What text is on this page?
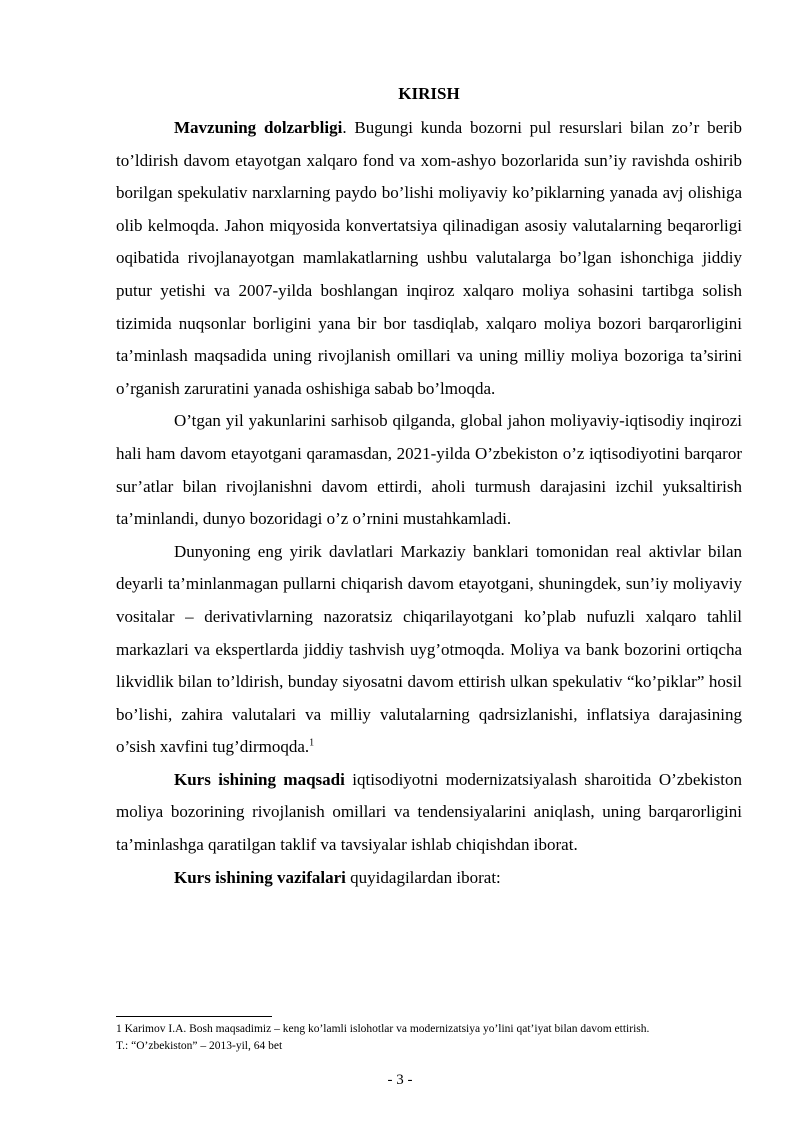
KIRISH

Mavzuning dolzarbligi. Bugungi kunda bozorni pul resurslari bilan zo’r berib to’ldirish davom etayotgan xalqaro fond va xom-ashyo bozorlarida sun’iy ravishda oshirib borilgan spekulativ narxlarning paydo bo’lishi moliyaviy ko’piklarning yanada avj olishiga olib kelmoqda. Jahon miqyosida konvertatsiya qilinadigan asosiy valutalarning beqarorligi oqibatida rivojlanayotgan mamlakatlarning ushbu valutalarga bo’lgan ishonchiga jiddiy putur yetishi va 2007-yilda boshlangan inqiroz xalqaro moliya sohasini tartibga solish tizimida nuqsonlar borligini yana bir bor tasdiqlab, xalqaro moliya bozori barqarorligini ta’minlash maqsadida uning rivojlanish omillari va uning milliy moliya bozoriga ta’sirini o’rganish zaruratini yanada oshishiga sabab bo’lmoqda.

O’tgan yil yakunlarini sarhisob qilganda, global jahon moliyaviy-iqtisodiy inqirozi hali ham davom etayotgani qaramasdan, 2021-yilda O’zbekiston o’z iqtisodiyotini barqaror sur’atlar bilan rivojlanishni davom ettirdi, aholi turmush darajasini izchil yuksaltirish ta’minlandi, dunyo bozoridagi o’z o’rnini mustahkamladi.

Dunyoning eng yirik davlatlari Markaziy banklari tomonidan real aktivlar bilan deyarli ta’minlanmagan pullarni chiqarish davom etayotgani, shuningdek, sun’iy moliyaviy vositalar – derivativlarning nazoratsiz chiqarilayotgani ko’plab nufuzli xalqaro tahlil markazlari va ekspertlarda jiddiy tashvish uyg’otmoqda. Moliya va bank bozorini ortiqcha likvidlik bilan to’ldirish, bunday siyosatni davom ettirish ulkan spekulativ “ko’piklar” hosil bo’lishi, zahira valutalari va milliy valutalarning qadrsizlanishi, inflatsiya darajasining o’sish xavfini tug’dirmoqda.$^1$

Kurs ishining maqsadi iqtisodiyotni modernizatsiyalash sharoitida O’zbekiston moliya bozorining rivojlanish omillari va tendensiyalarini aniqlash, uning barqarorligini ta’minlashga qaratilgan taklif va tavsiyalar ishlab chiqishdan iborat.

Kurs ishining vazifalari quyidagilardan iborat:

1 Karimov I.A. Bosh maqsadimiz – keng ko’lamli islohotlar va modernizatsiya yo’lini qat’iyat bilan davom ettirish.
T.: “O’zbekiston” – 2013-yil, 64 bet
- 3 -
